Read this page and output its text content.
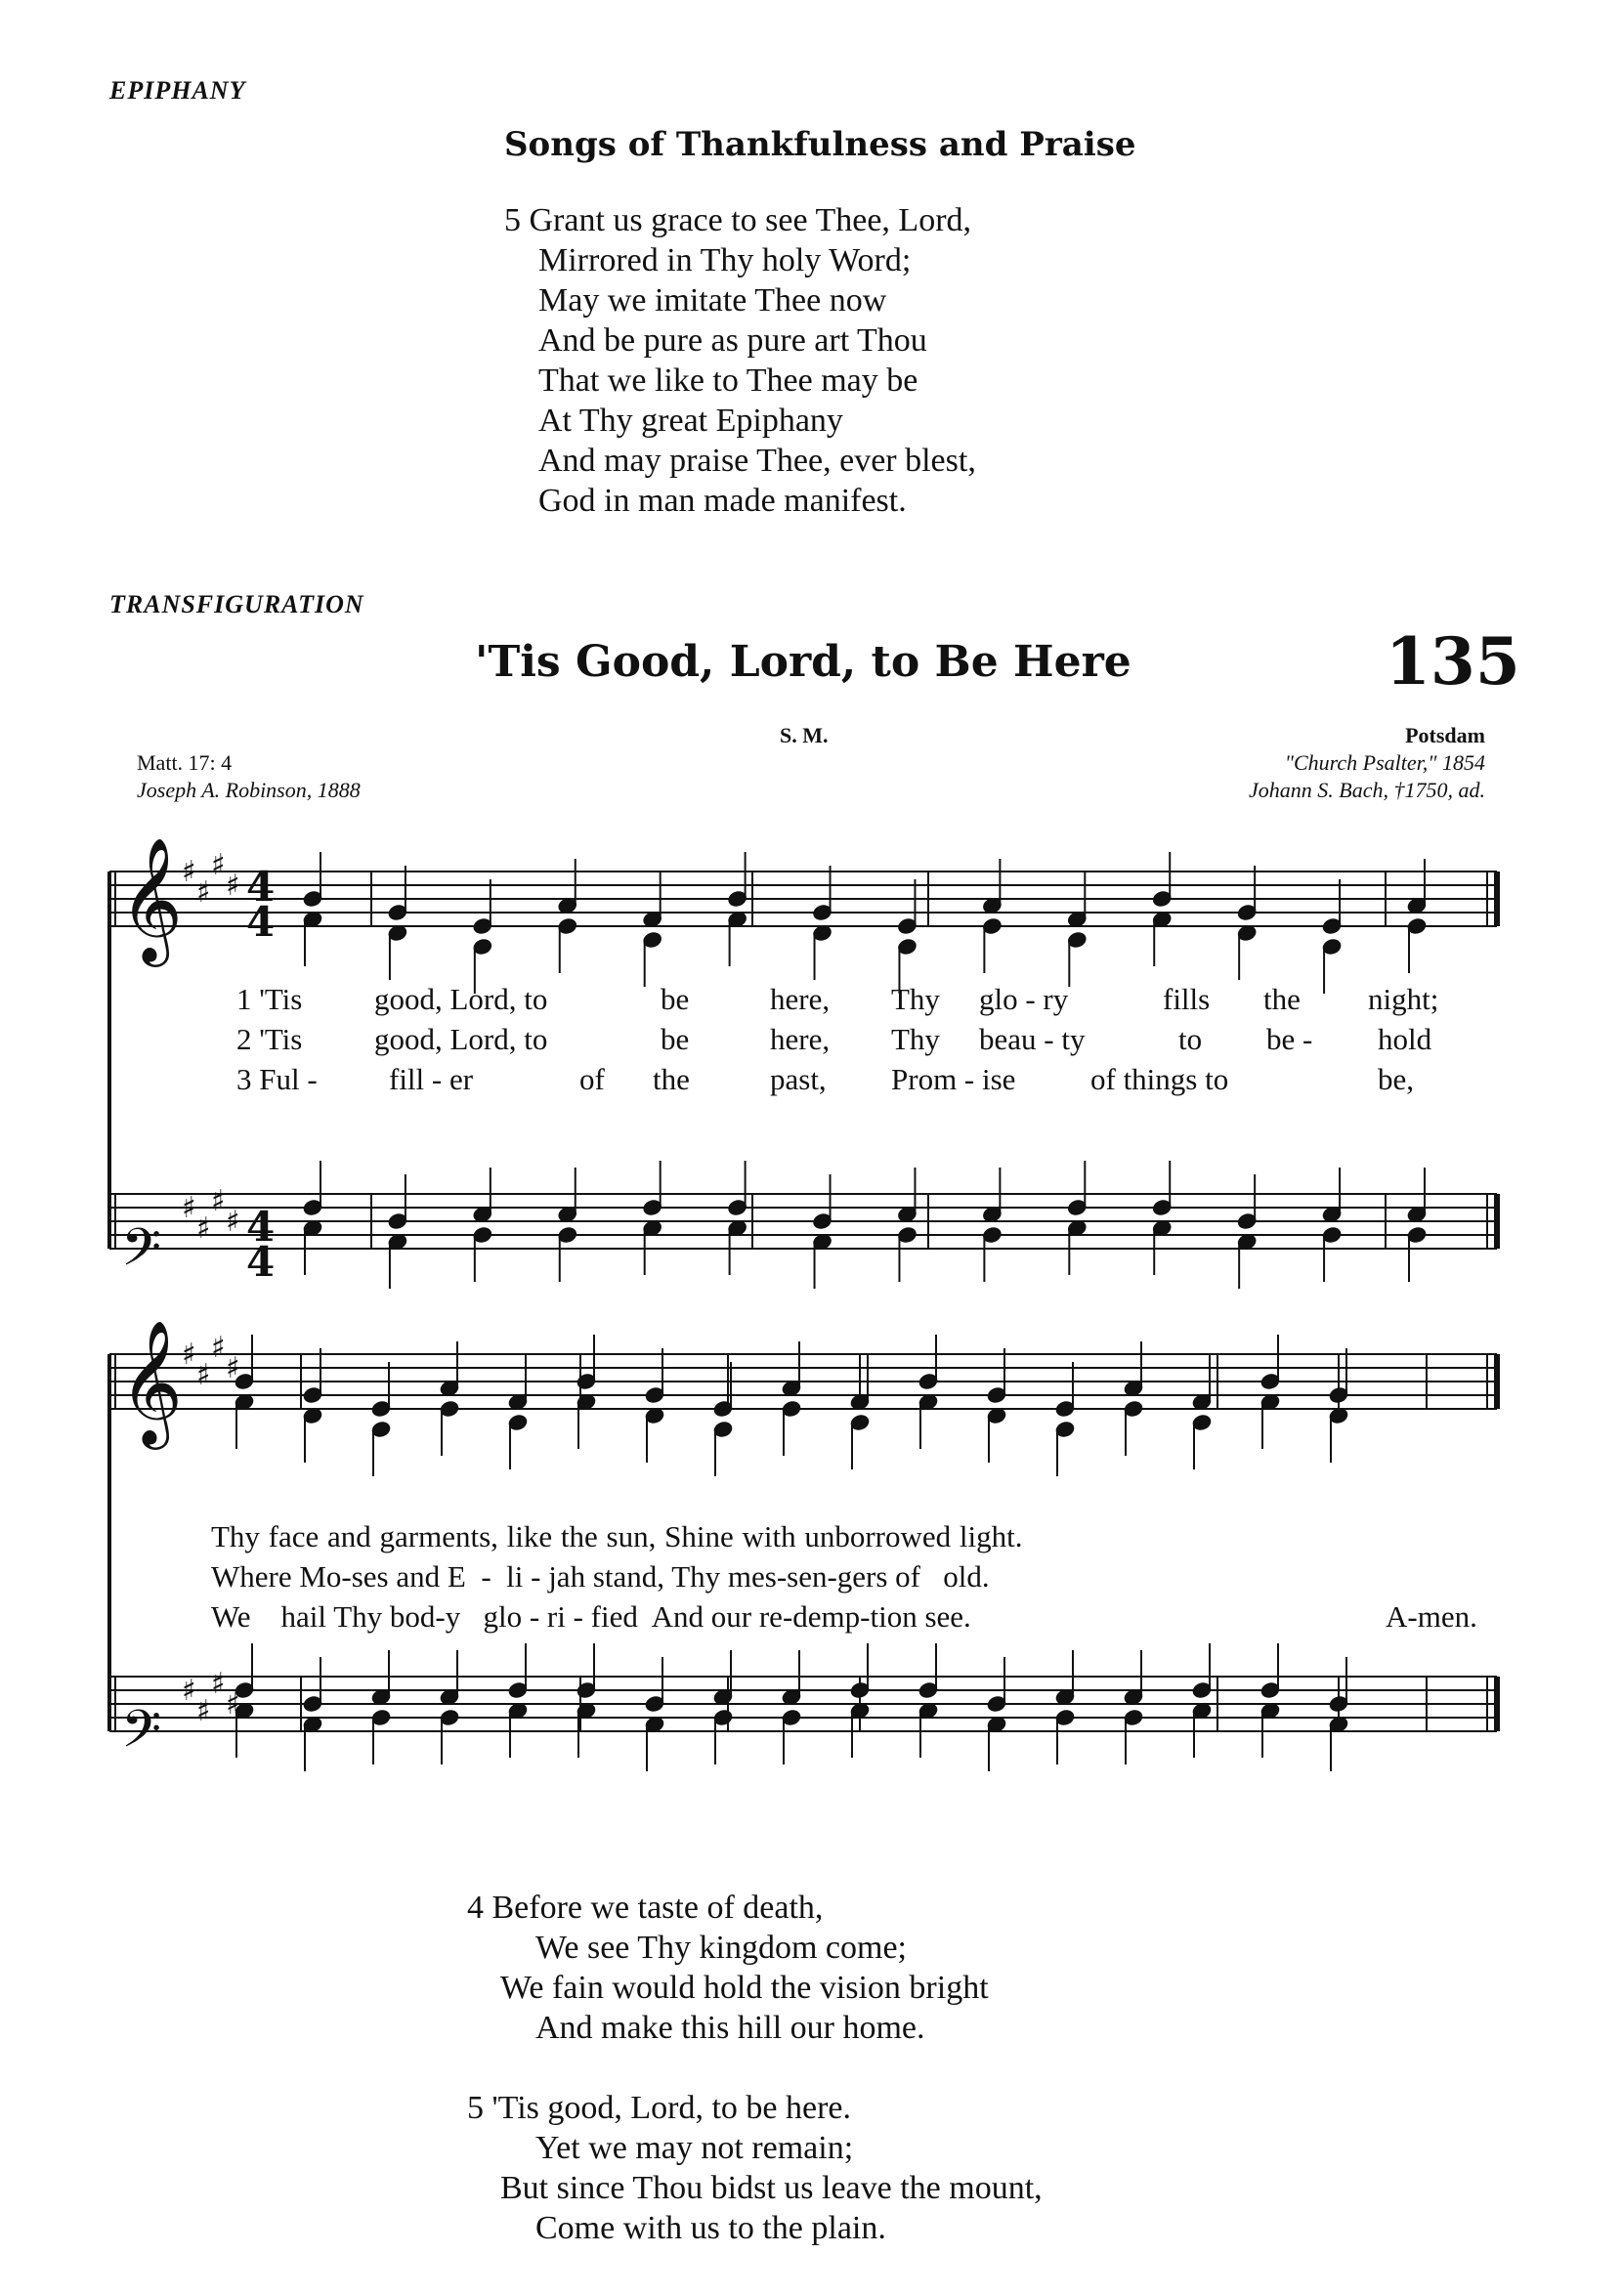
EPIPHANY
Songs of Thankfulness and Praise
5 Grant us grace to see Thee, Lord,
Mirrored in Thy holy Word;
May we imitate Thee now
And be pure as pure art Thou
That we like to Thee may be
At Thy great Epiphany
And may praise Thee, ever blest,
God in man made manifest.
TRANSFIGURATION
'Tis Good, Lord, to Be Here	135
S. M.	Potsdam
Matt. 17: 4	"Church Psalter," 1854
Joseph A. Robinson, 1888	Johann S. Bach, †1750, ad.
𝄞
𝄢
𝄞
𝄢
4
4
4
4
♯
♯
♯
♯
♯
♯
♯
♯
♯
♯
♯
♯
♯
♯
♯
♯
1 'Tis good, Lord, to	be	here, Thy glo - ry	fills the night;
2 'Tis good, Lord, to	be	here, Thy beau - ty	to be - hold
3 Ful - fill - er	of the	past, Prom - ise of things to	be,
Thy face and garments, like the sun, Shine with unborrowed light.
Where Mo-ses and E  -  li - jah stand, Thy mes-sen-gers of   old.
We    hail Thy bod-y   glo - ri - fied  And our re-demp-tion see.	A-men.
4 Before we taste of death,
We see Thy kingdom come;
We fain would hold the vision bright
And make this hill our home.
5 'Tis good, Lord, to be here.
Yet we may not remain;
But since Thou bidst us leave the mount,
Come with us to the plain.
